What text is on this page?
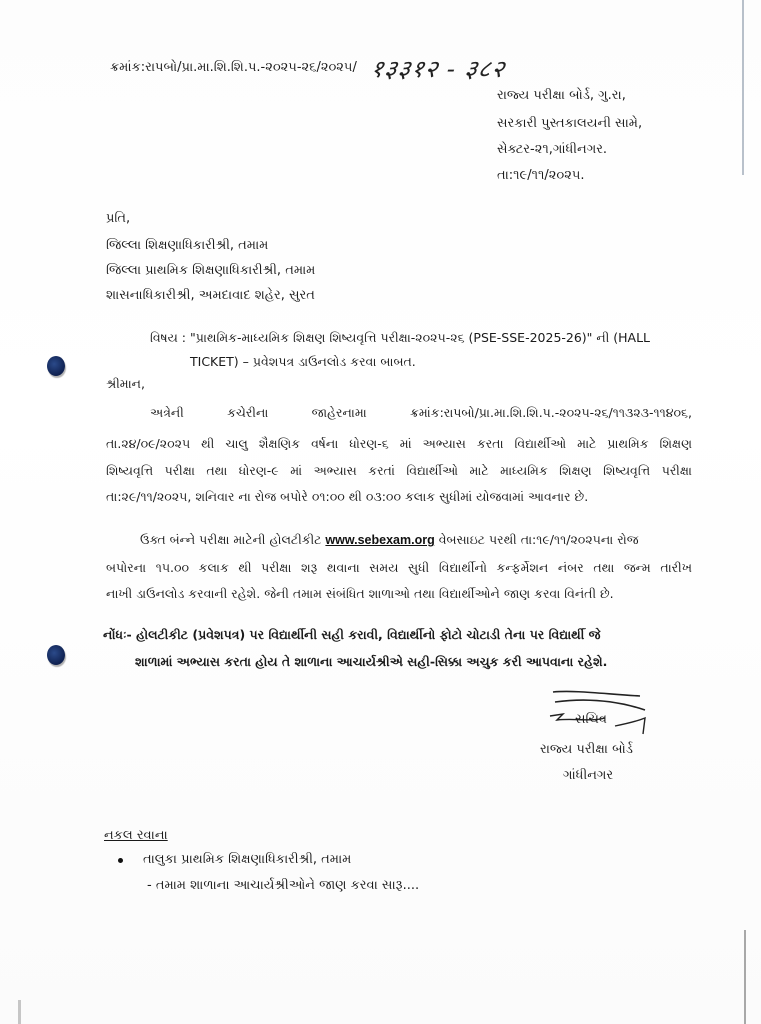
ક્રમાંક:રાપબો/પ્રા.મા.શિ.શિ.પ.-૨૦૨૫-૨૬/૨૦૨૫/ १३३१२ - ३८२
રાજ્ય પરીક્ષા બોર્ડ, ગુ.રા,
સરકારી પુસ્તકાલયની સામે,
સેક્ટર-૨૧,ગાંધીનગર.
તા:૧૯/૧૧/૨૦૨૫.
પ્રતિ,
જિલ્લા શિક્ષણાધિકારીશ્રી, તમામ
જિલ્લા પ્રાથમિક શિક્ષણાધિકારીશ્રી, તમામ
શાસનાધિકારીશ્રી, અમદાવાદ શહેર, સુરત
વિષય : "પ્રાથમિક-માધ્યમિક શિક્ષણ શિષ્યવૃત્તિ પરીક્ષા-૨૦૨૫-૨૬ (PSE-SSE-2025-26)" ની (HALL
TICKET) – પ્રવેશપત્ર ડાઉનલોડ કરવા બાબત.
શ્રીમાન,
અત્રેની કચેરીના જાહેરનામા ક્રમાંક:રાપબો/પ્રા.મા.શિ.શિ.પ.-૨૦૨૫-૨૬/૧૧૩૨૩-૧૧૪૦૬,
તા.૨૪/૦૯/૨૦૨૫ થી ચાલુ શૈક્ષણિક વર્ષના ધોરણ-૬ માં અભ્યાસ કરતા વિદ્યાર્થીઓ માટે પ્રાથમિક શિક્ષણ
શિષ્યવૃત્તિ પરીક્ષા તથા ધોરણ-૯ માં અભ્યાસ કરતાં વિદ્યાર્થીઓ માટે માધ્યમિક શિક્ષણ શિષ્યવૃત્તિ પરીક્ષા
તા:૨૯/૧૧/૨૦૨૫, શનિવાર ના રોજ બપોરે ૦૧:૦૦ થી ૦૩:૦૦ કલાક સુધીમાં યોજવામાં આવનાર છે.
ઉક્ત બંન્ને પરીક્ષા માટેની હોલટીકીટ www.sebexam.org વેબસાઇટ પરથી તા:૧૯/૧૧/૨૦૨૫ના રોજ
બપોરના ૧૫.૦૦ કલાક થી પરીક્ષા શરૂ થવાના સમય સુધી વિદ્યાર્થીનો કન્ફર્મેશન નંબર તથા જન્મ તારીખ
નાખી ડાઉનલોડ કરવાની રહેશે. જેની તમામ સંબંધિત શાળાઓ તથા વિદ્યાર્થીઓને જાણ કરવા વિનંતી છે.
નોંધઃ- હોલટીકીટ (પ્રવેશપત્ર) પર વિદ્યાર્થીની સહી કરાવી, વિદ્યાર્થીનો ફોટો ચોટાડી તેના પર વિદ્યાર્થી જે
શાળામાં અભ્યાસ કરતા હોય તે શાળાના આચાર્યશ્રીએ સહી-સિક્કા અચુક કરી આપવાના રહેશે.
સચિવ
રાજ્ય પરીક્ષા બોર્ડ
ગાંધીનગર
નકલ રવાના
તાલુકા પ્રાથમિક શિક્ષણાધિકારીશ્રી, તમામ
- તમામ શાળાના આચાર્યશ્રીઓને જાણ કરવા સારૂ....
